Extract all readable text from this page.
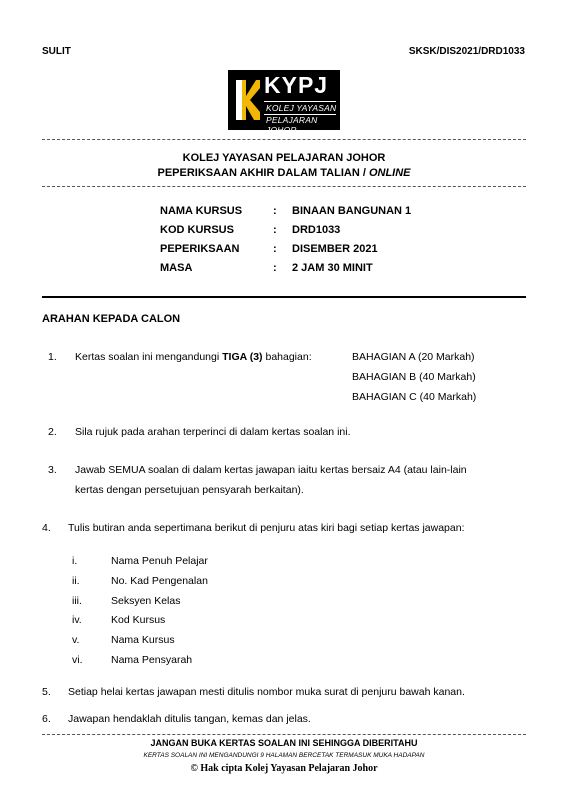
SULIT	SKSK/DIS2021/DRD1033
KYPJ
KOLEJ YAYASAN
PELAJARAN JOHOR
KOLEJ YAYASAN PELAJARAN JOHOR
PEPERIKSAAN AKHIR DALAM TALIAN / ONLINE
NAMA KURSUS	: BINAAN BANGUNAN 1
KOD KURSUS	: DRD1033
PEPERIKSAAN	: DISEMBER 2021
MASA	: 2 JAM 30 MINIT
ARAHAN KEPADA CALON
1. Kertas soalan ini mengandungi TIGA (3) bahagian:	BAHAGIAN A (20 Markah)
BAHAGIAN B (40 Markah)
BAHAGIAN C (40 Markah)
2. Sila rujuk pada arahan terperinci di dalam kertas soalan ini.
3. Jawab SEMUA soalan di dalam kertas jawapan iaitu kertas bersaiz A4 (atau lain-lain
kertas dengan persetujuan pensyarah berkaitan).
4. Tulis butiran anda sepertimana berikut di penjuru atas kiri bagi setiap kertas jawapan:
i.	Nama Penuh Pelajar
ii.	No. Kad Pengenalan
iii.	Seksyen Kelas
iv.	Kod Kursus
v.	Nama Kursus
vi.	Nama Pensyarah
5. Setiap helai kertas jawapan mesti ditulis nombor muka surat di penjuru bawah kanan.
6. Jawapan hendaklah ditulis tangan, kemas dan jelas.
JANGAN BUKA KERTAS SOALAN INI SEHINGGA DIBERITAHU
KERTAS SOALAN INI MENGANDUNGI 9 HALAMAN BERCETAK TERMASUK MUKA HADAPAN
© Hak cipta Kolej Yayasan Pelajaran Johor
